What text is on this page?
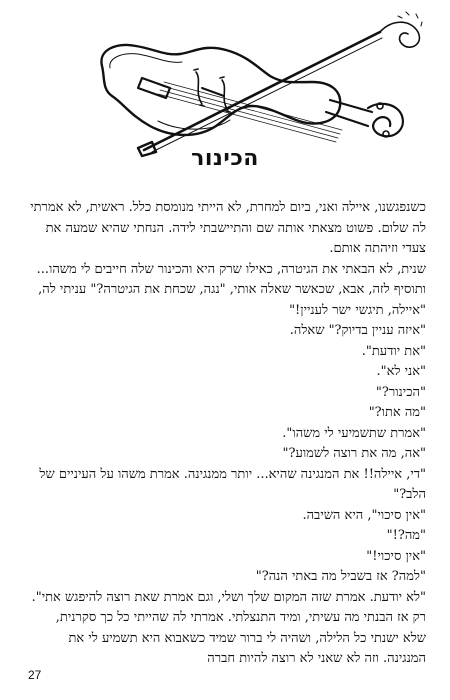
הכינור

כשנפגשנו, איילה ואני, ביום למחרת, לא הייתי מנומסת כלל. ראשית, לא אמרתי לה שלום. פשוט מצאתי אותה שם והתיישבתי לידה. הנחתי שהיא שמעה את צעדי וזיהתה אותם.

שנית, לא הבאתי את הגיטרה, כאילו שרק היא והכינור שלה חייבים לי משהו... ותוסיף לזה, אבא, שכאשר שאלה אותי, "נגה, שכחת את הגיטרה?" עניתי לה, "איילה, תיגשי ישר לעניין!"

"איזה עניין בדיוק?" שאלה.

"את יודעת".

"אני לא".

"הכינור?"

"מה אתו?"

"אמרת שתשמיעי לי משהו".

"אה, מה את רוצה לשמוע?"

"די, איילה!! את המנגינה שהיא... יותר ממנגינה. אמרת משהו על העיניים של הלב?"

"אין סיכוי", היא השיבה.

"מה?!"

"אין סיכוי!"

"למה? אז בשביל מה באתי הנה?"

"לא יודעת. אמרת שזה המקום שלך ושלי, וגם אמרת שאת רוצה להיפגש אתי".

רק אז הבנתי מה עשיתי, ומיד התנצלתי. אמרתי לה שהייתי כל כך סקרנית, שלא ישנתי כל הלילה, ושהיה לי ברור שמיד כשאבוא היא תשמיע לי את המנגינה. וזה לא שאני לא רוצה להיות חברה

27
